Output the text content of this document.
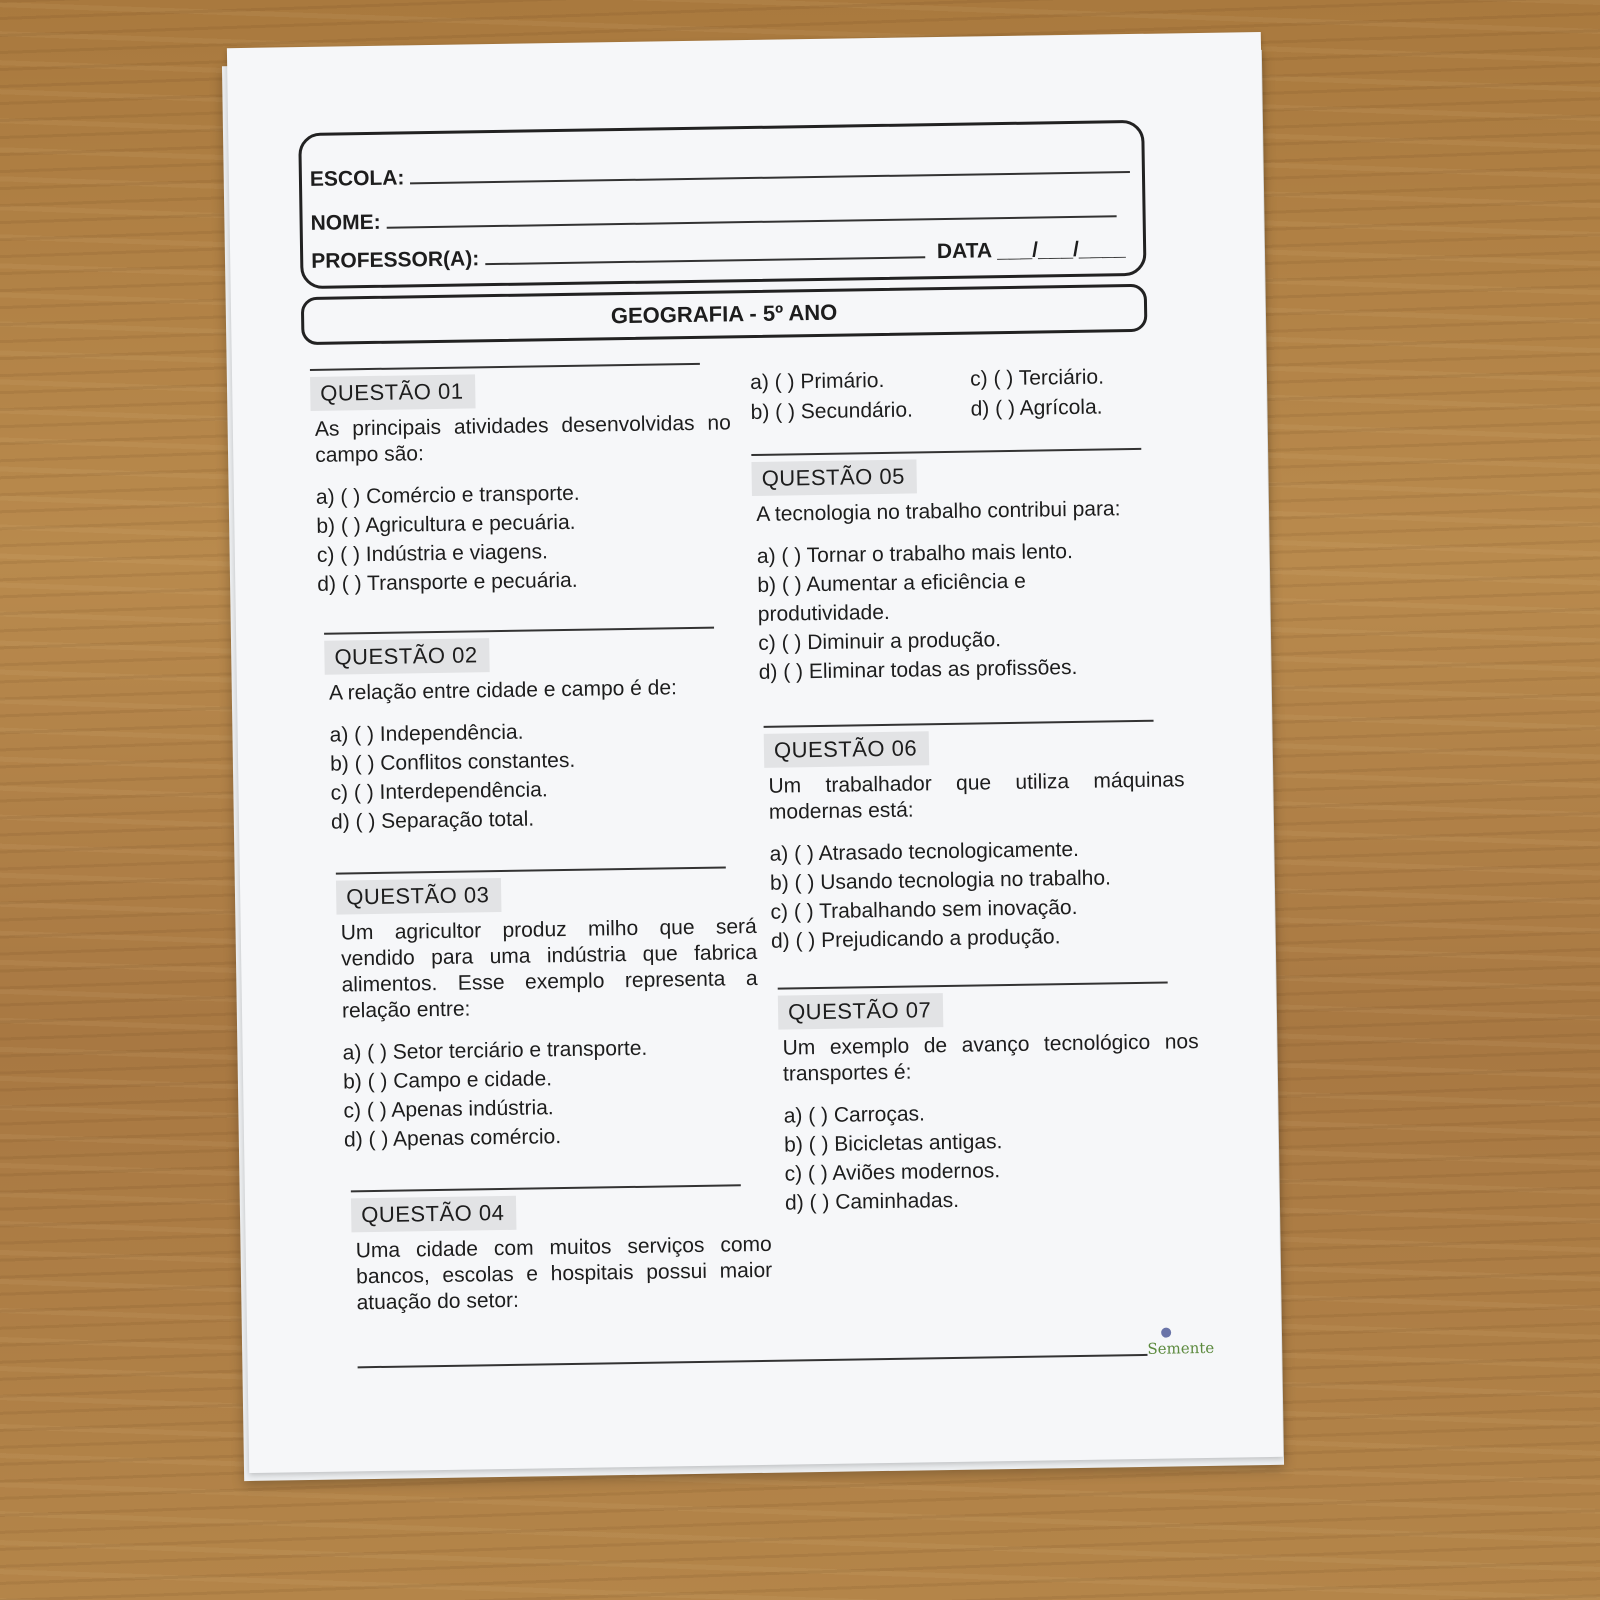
ESCOLA:
NOME:
PROFESSOR(A):	DATA ___/___/____
GEOGRAFIA - 5º ANO
QUESTÃO 01
As principais atividades desenvolvidas no campo são:
a) ( ) Comércio e transporte.
b) ( ) Agricultura e pecuária.
c) ( ) Indústria e viagens.
d) ( ) Transporte e pecuária.
QUESTÃO 02
A relação entre cidade e campo é de:
a) ( ) Independência.
b) ( ) Conflitos constantes.
c) ( ) Interdependência.
d) ( ) Separação total.
QUESTÃO 03
Um agricultor produz milho que será vendido para uma indústria que fabrica alimentos. Esse exemplo representa a relação entre:
a) ( ) Setor terciário e transporte.
b) ( ) Campo e cidade.
c) ( ) Apenas indústria.
d) ( ) Apenas comércio.
QUESTÃO 04
Uma cidade com muitos serviços como bancos, escolas e hospitais possui maior atuação do setor:
a) ( ) Primário.	c) ( ) Terciário.
b) ( ) Secundário.	d) ( ) Agrícola.
QUESTÃO 05
A tecnologia no trabalho contribui para:
a) ( ) Tornar o trabalho mais lento.
b) ( ) Aumentar a eficiência e produtividade.
c) ( ) Diminuir a produção.
d) ( ) Eliminar todas as profissões.
QUESTÃO 06
Um trabalhador que utiliza máquinas modernas está:
a) ( ) Atrasado tecnologicamente.
b) ( ) Usando tecnologia no trabalho.
c) ( ) Trabalhando sem inovação.
d) ( ) Prejudicando a produção.
QUESTÃO 07
Um exemplo de avanço tecnológico nos transportes é:
a) ( ) Carroças.
b) ( ) Bicicletas antigas.
c) ( ) Aviões modernos.
d) ( ) Caminhadas.
Semente
